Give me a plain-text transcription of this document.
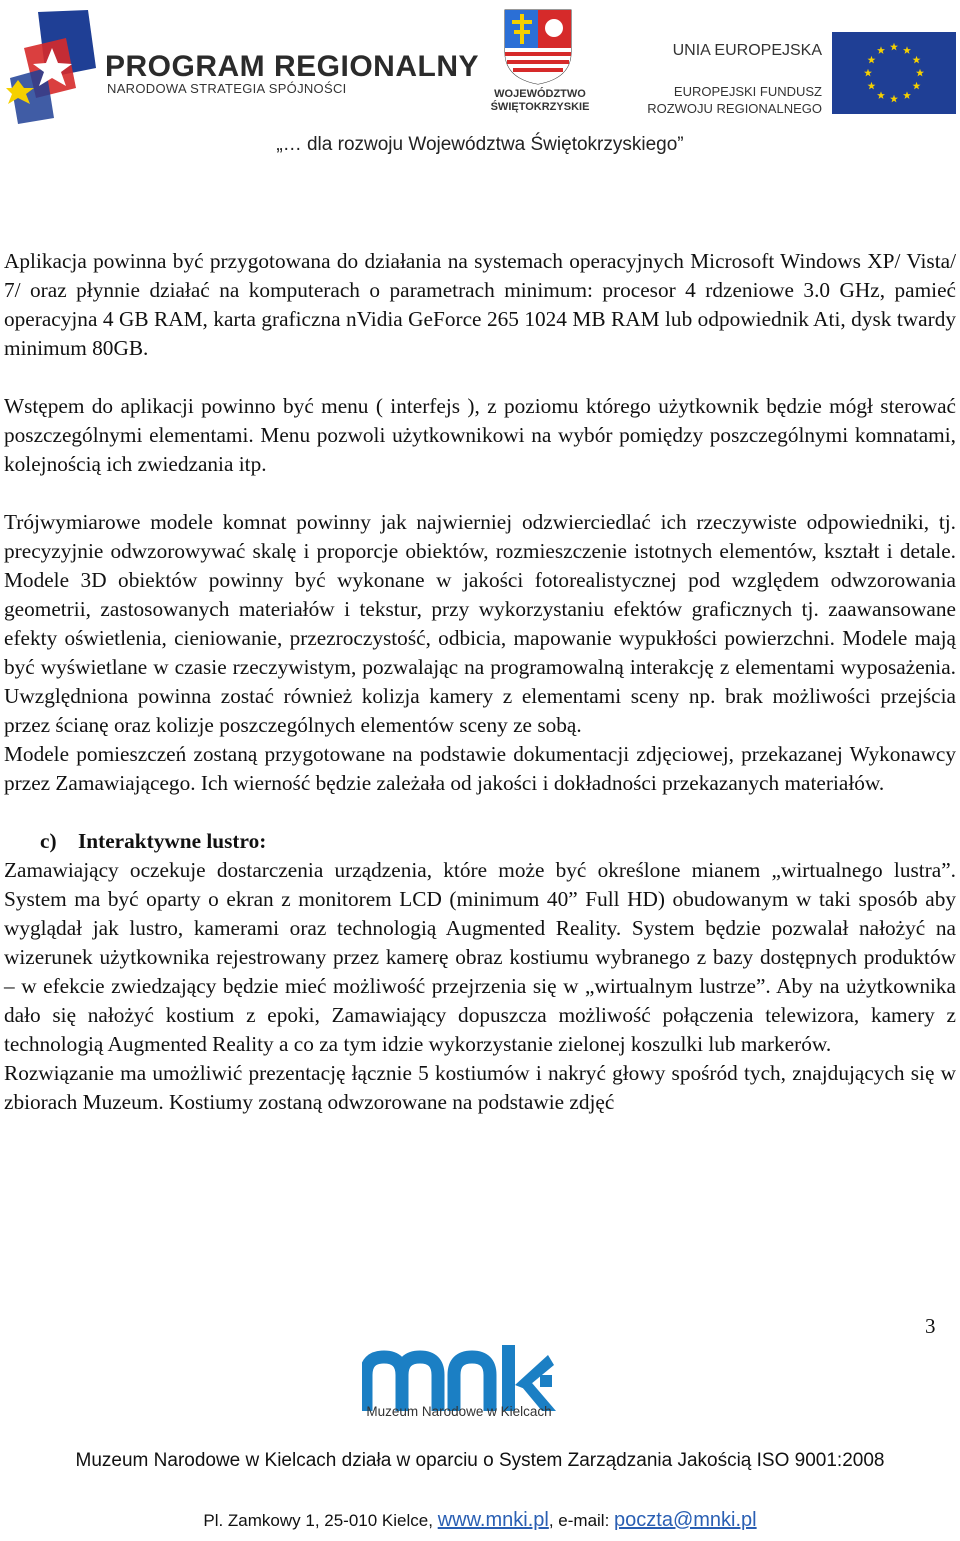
PROGRAM REGIONALNY
NARODOWA STRATEGIA SPÓJNOŚCI	WOJEWÓDZTWO
ŚWIĘTOKRZYSKIE
UNIA EUROPEJSKA
EUROPEJSKI FUNDUSZ
ROZWOJU REGIONALNEGO
„… dla rozwoju Województwa Świętokrzyskiego”

Aplikacja powinna być przygotowana do działania na systemach operacyjnych Microsoft Windows XP/ Vista/ 7/ oraz płynnie działać na komputerach o parametrach minimum: procesor 4 rdzeniowe 3.0 GHz, pamieć operacyjna 4 GB RAM, karta graficzna nVidia GeForce 265 1024 MB RAM lub odpowiednik Ati, dysk twardy minimum 80GB.

Wstępem do aplikacji powinno być menu ( interfejs ), z poziomu którego użytkownik będzie mógł sterować poszczególnymi elementami. Menu pozwoli użytkownikowi na wybór pomiędzy poszczególnymi komnatami, kolejnością ich zwiedzania itp.

Trójwymiarowe modele komnat powinny jak najwierniej odzwierciedlać ich rzeczywiste odpowiedniki, tj. precyzyjnie odwzorowywać skalę i proporcje obiektów, rozmieszczenie istotnych elementów, kształt i detale. Modele 3D obiektów powinny być wykonane w jakości fotorealistycznej pod względem odwzorowania geometrii, zastosowanych materiałów i tekstur, przy wykorzystaniu efektów graficznych tj. zaawansowane efekty oświetlenia, cieniowanie, przezroczystość, odbicia, mapowanie wypukłości powierzchni. Modele mają być wyświetlane w czasie rzeczywistym, pozwalając na programowalną interakcję z elementami wyposażenia. Uwzględniona powinna zostać również kolizja kamery z elementami sceny np. brak możliwości przejścia przez ścianę oraz kolizje poszczególnych elementów sceny ze sobą.

Modele pomieszczeń zostaną przygotowane na podstawie dokumentacji zdjęciowej, przekazanej Wykonawcy przez Zamawiającego. Ich wierność będzie zależała od jakości i dokładności przekazanych materiałów.

c) Interaktywne lustro:

Zamawiający oczekuje dostarczenia urządzenia, które może być określone mianem „wirtualnego lustra”. System ma być oparty o ekran z monitorem LCD (minimum 40” Full HD) obudowanym w taki sposób aby wyglądał jak lustro, kamerami oraz technologią Augmented Reality. System będzie pozwalał nałożyć na wizerunek użytkownika rejestrowany przez kamerę obraz kostiumu wybranego z bazy dostępnych produktów – w efekcie zwiedzający będzie mieć możliwość przejrzenia się w „wirtualnym lustrze”. Aby na użytkownika dało się nałożyć kostium z epoki, Zamawiający dopuszcza możliwość połączenia telewizora, kamery z technologią Augmented Reality a co za tym idzie wykorzystanie zielonej koszulki lub markerów.

Rozwiązanie ma umożliwić prezentację łącznie 5 kostiumów i nakryć głowy spośród tych, znajdujących się w zbiorach Muzeum. Kostiumy zostaną odwzorowane na podstawie zdjęć

3
Muzeum Narodowe w Kielcach
Muzeum Narodowe w Kielcach działa w oparciu o System Zarządzania Jakością ISO 9001:2008
Pl. Zamkowy 1, 25-010 Kielce, www.mnki.pl, e-mail: poczta@mnki.pl
